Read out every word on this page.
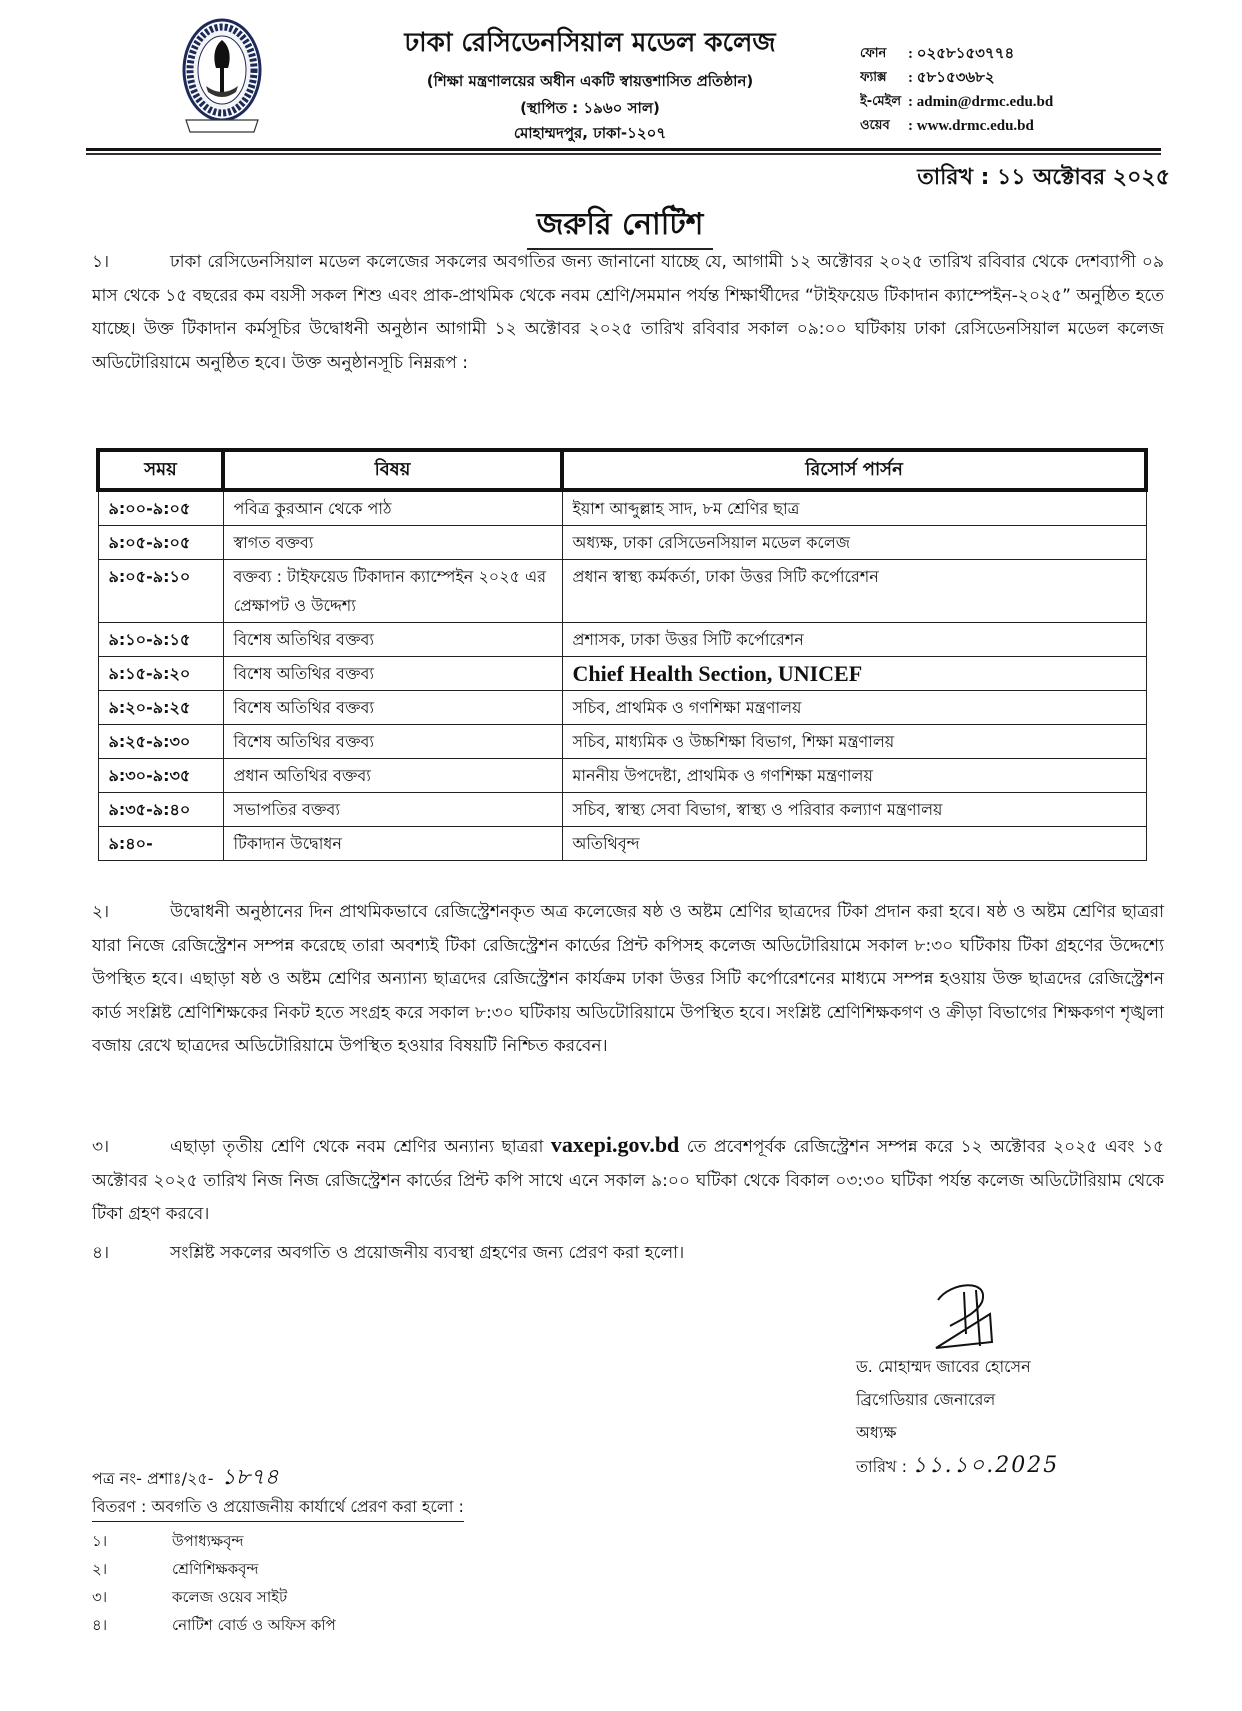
ঢাকা রেসিডেনসিয়াল মডেল কলেজ
(শিক্ষা মন্ত্রণালয়ের অধীন একটি স্বায়ত্তশাসিত প্রতিষ্ঠান)
(স্থাপিত : ১৯৬০ সাল)
মোহাম্মদপুর, ঢাকা-১২০৭
ফোন	: ০২৫৮১৫৩৭৭৪
ফ্যাক্স	: ৫৮১৫৩৬৮২
ই-মেইল : admin@drmc.edu.bd
ওয়েব	: www.drmc.edu.bd
তারিখ : ১১ অক্টোবর ২০২৫
জরুরি নোটিশ
১।	ঢাকা রেসিডেনসিয়াল মডেল কলেজের সকলের অবগতির জন্য জানানো যাচ্ছে যে, আগামী ১২ অক্টোবর ২০২৫ তারিখ রবিবার থেকে দেশব্যাপী ০৯ মাস থেকে ১৫ বছরের কম বয়সী সকল শিশু এবং প্রাক-প্রাথমিক থেকে নবম শ্রেণি/সমমান পর্যন্ত শিক্ষার্থীদের “টাইফয়েড টিকাদান ক্যাম্পেইন-২০২৫” অনুষ্ঠিত হতে যাচ্ছে। উক্ত টিকাদান কর্মসূচির উদ্বোধনী অনুষ্ঠান আগামী ১২ অক্টোবর ২০২৫ তারিখ রবিবার সকাল ০৯:০০ ঘটিকায় ঢাকা রেসিডেনসিয়াল মডেল কলেজ অডিটোরিয়ামে অনুষ্ঠিত হবে। উক্ত অনুষ্ঠানসূচি নিম্নরূপ :
সময়	বিষয়	রিসোর্স পার্সন
৯:০০-৯:০৫	পবিত্র কুরআন থেকে পাঠ	ইয়াশ আব্দুল্লাহ সাদ, ৮ম শ্রেণির ছাত্র
৯:০৫-৯:০৫	স্বাগত বক্তব্য	অধ্যক্ষ, ঢাকা রেসিডেনসিয়াল মডেল কলেজ
৯:০৫-৯:১০	বক্তব্য : টাইফয়েড টিকাদান ক্যাম্পেইন ২০২৫ এর প্রেক্ষাপট ও উদ্দেশ্য	প্রধান স্বাস্থ্য কর্মকর্তা, ঢাকা উত্তর সিটি কর্পোরেশন
৯:১০-৯:১৫	বিশেষ অতিথির বক্তব্য	প্রশাসক, ঢাকা উত্তর সিটি কর্পোরেশন
৯:১৫-৯:২০	বিশেষ অতিথির বক্তব্য	Chief Health Section, UNICEF
৯:২০-৯:২৫	বিশেষ অতিথির বক্তব্য	সচিব, প্রাথমিক ও গণশিক্ষা মন্ত্রণালয়
৯:২৫-৯:৩০	বিশেষ অতিথির বক্তব্য	সচিব, মাধ্যমিক ও উচ্চশিক্ষা বিভাগ, শিক্ষা মন্ত্রণালয়
৯:৩০-৯:৩৫	প্রধান অতিথির বক্তব্য	মাননীয় উপদেষ্টা, প্রাথমিক ও গণশিক্ষা মন্ত্রণালয়
৯:৩৫-৯:৪০	সভাপতির বক্তব্য	সচিব, স্বাস্থ্য সেবা বিভাগ, স্বাস্থ্য ও পরিবার কল্যাণ মন্ত্রণালয়
৯:৪০-	টিকাদান উদ্বোধন	অতিথিবৃন্দ
২।	উদ্বোধনী অনুষ্ঠানের দিন প্রাথমিকভাবে রেজিস্ট্রেশনকৃত অত্র কলেজের ষষ্ঠ ও অষ্টম শ্রেণির ছাত্রদের টিকা প্রদান করা হবে। ষষ্ঠ ও অষ্টম শ্রেণির ছাত্ররা যারা নিজে রেজিস্ট্রেশন সম্পন্ন করেছে তারা অবশ্যই টিকা রেজিস্ট্রেশন কার্ডের প্রিন্ট কপিসহ কলেজ অডিটোরিয়ামে সকাল ৮:৩০ ঘটিকায় টিকা গ্রহণের উদ্দেশ্যে উপস্থিত হবে। এছাড়া ষষ্ঠ ও অষ্টম শ্রেণির অন্যান্য ছাত্রদের রেজিস্ট্রেশন কার্যক্রম ঢাকা উত্তর সিটি কর্পোরেশনের মাধ্যমে সম্পন্ন হওয়ায় উক্ত ছাত্রদের রেজিস্ট্রেশন কার্ড সংশ্লিষ্ট শ্রেণিশিক্ষকের নিকট হতে সংগ্রহ করে সকাল ৮:৩০ ঘটিকায় অডিটোরিয়ামে উপস্থিত হবে। সংশ্লিষ্ট শ্রেণিশিক্ষকগণ ও ক্রীড়া বিভাগের শিক্ষকগণ শৃঙ্খলা বজায় রেখে ছাত্রদের অডিটোরিয়ামে উপস্থিত হওয়ার বিষয়টি নিশ্চিত করবেন।
৩।	এছাড়া তৃতীয় শ্রেণি থেকে নবম শ্রেণির অন্যান্য ছাত্ররা vaxepi.gov.bd তে প্রবেশপূর্বক রেজিস্ট্রেশন সম্পন্ন করে ১২ অক্টোবর ২০২৫ এবং ১৫ অক্টোবর ২০২৫ তারিখ নিজ নিজ রেজিস্ট্রেশন কার্ডের প্রিন্ট কপি সাথে এনে সকাল ৯:০০ ঘটিকা থেকে বিকাল ০৩:৩০ ঘটিকা পর্যন্ত কলেজ অডিটোরিয়াম থেকে টিকা গ্রহণ করবে।
৪।	সংশ্লিষ্ট সকলের অবগতি ও প্রয়োজনীয় ব্যবস্থা গ্রহণের জন্য প্রেরণ করা হলো।
ড. মোহাম্মদ জাবের হোসেন
ব্রিগেডিয়ার জেনারেল
অধ্যক্ষ
তারিখ : ১১.১০.2025
পত্র নং- প্রশাঃ/২৫- ১৮৭৪
বিতরণ : অবগতি ও প্রয়োজনীয় কার্যার্থে প্রেরণ করা হলো :
১।	উপাধ্যক্ষবৃন্দ
২।	শ্রেণিশিক্ষকবৃন্দ
৩।	কলেজ ওয়েব সাইট
৪।	নোটিশ বোর্ড ও অফিস কপি
